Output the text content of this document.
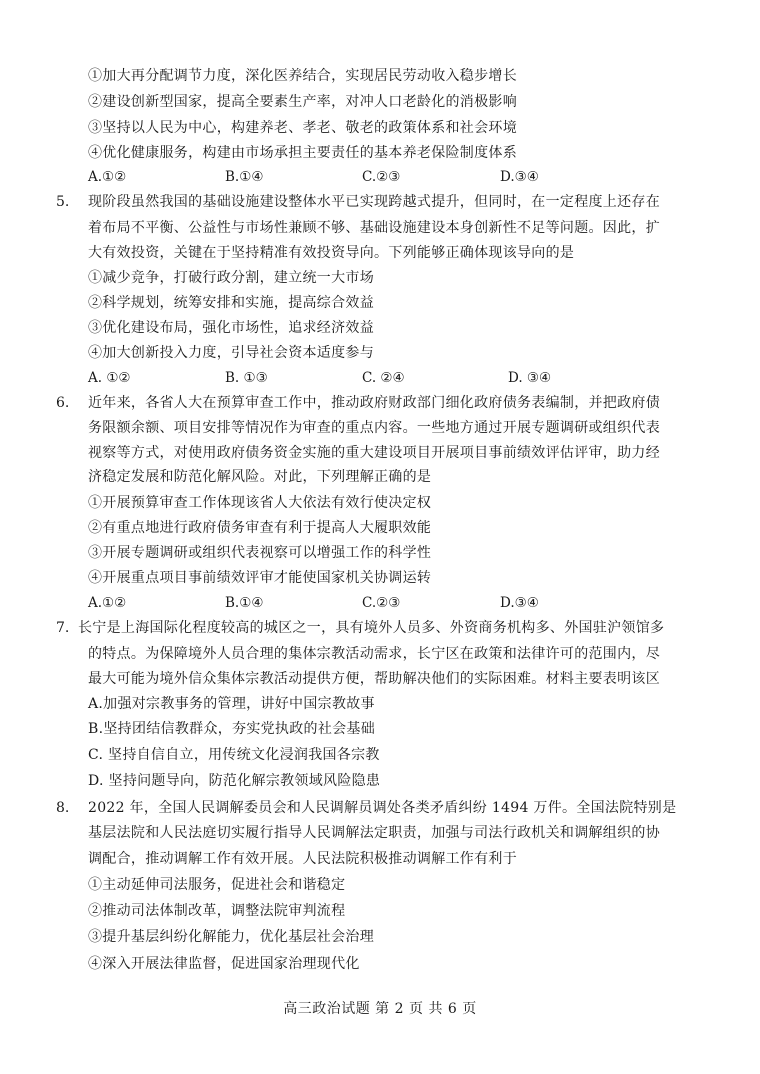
①加大再分配调节力度，深化医养结合，实现居民劳动收入稳步增长
②建设创新型国家，提高全要素生产率，对冲人口老龄化的消极影响
③坚持以人民为中心，构建养老、孝老、敬老的政策体系和社会环境
④优化健康服务，构建由市场承担主要责任的基本养老保险制度体系
A.①②	B.①④	C.②③	D.③④
5. 现阶段虽然我国的基础设施建设整体水平已实现跨越式提升，但同时，在一定程度上还存在
着布局不平衡、公益性与市场性兼顾不够、基础设施建设本身创新性不足等问题。因此，扩
大有效投资，关键在于坚持精准有效投资导向。下列能够正确体现该导向的是
①减少竞争，打破行政分割，建立统一大市场
②科学规划，统筹安排和实施，提高综合效益
③优化建设布局，强化市场性，追求经济效益
④加大创新投入力度，引导社会资本适度参与
A. ①②	B. ①③	C. ②④	D. ③④
6. 近年来，各省人大在预算审查工作中，推动政府财政部门细化政府债务表编制，并把政府债
务限额余额、项目安排等情况作为审查的重点内容。一些地方通过开展专题调研或组织代表
视察等方式，对使用政府债务资金实施的重大建设项目开展项目事前绩效评估评审，助力经
济稳定发展和防范化解风险。对此，下列理解正确的是
①开展预算审查工作体现该省人大依法有效行使决定权
②有重点地进行政府债务审查有利于提高人大履职效能
③开展专题调研或组织代表视察可以增强工作的科学性
④开展重点项目事前绩效评审才能使国家机关协调运转
A.①②	B.①④	C.②③	D.③④
7. 长宁是上海国际化程度较高的城区之一，具有境外人员多、外资商务机构多、外国驻沪领馆多
的特点。为保障境外人员合理的集体宗教活动需求，长宁区在政策和法律许可的范围内，尽
最大可能为境外信众集体宗教活动提供方便，帮助解决他们的实际困难。材料主要表明该区
A.加强对宗教事务的管理，讲好中国宗教故事
B.坚持团结信教群众，夯实党执政的社会基础
C. 坚持自信自立，用传统文化浸润我国各宗教
D. 坚持问题导向，防范化解宗教领域风险隐患
8. 2022 年，全国人民调解委员会和人民调解员调处各类矛盾纠纷 1494 万件。全国法院特别是
基层法院和人民法庭切实履行指导人民调解法定职责，加强与司法行政机关和调解组织的协
调配合，推动调解工作有效开展。人民法院积极推动调解工作有利于
①主动延伸司法服务，促进社会和谐稳定
②推动司法体制改革，调整法院审判流程
③提升基层纠纷化解能力，优化基层社会治理
④深入开展法律监督，促进国家治理现代化
高三政治试题 第 2 页 共 6 页
